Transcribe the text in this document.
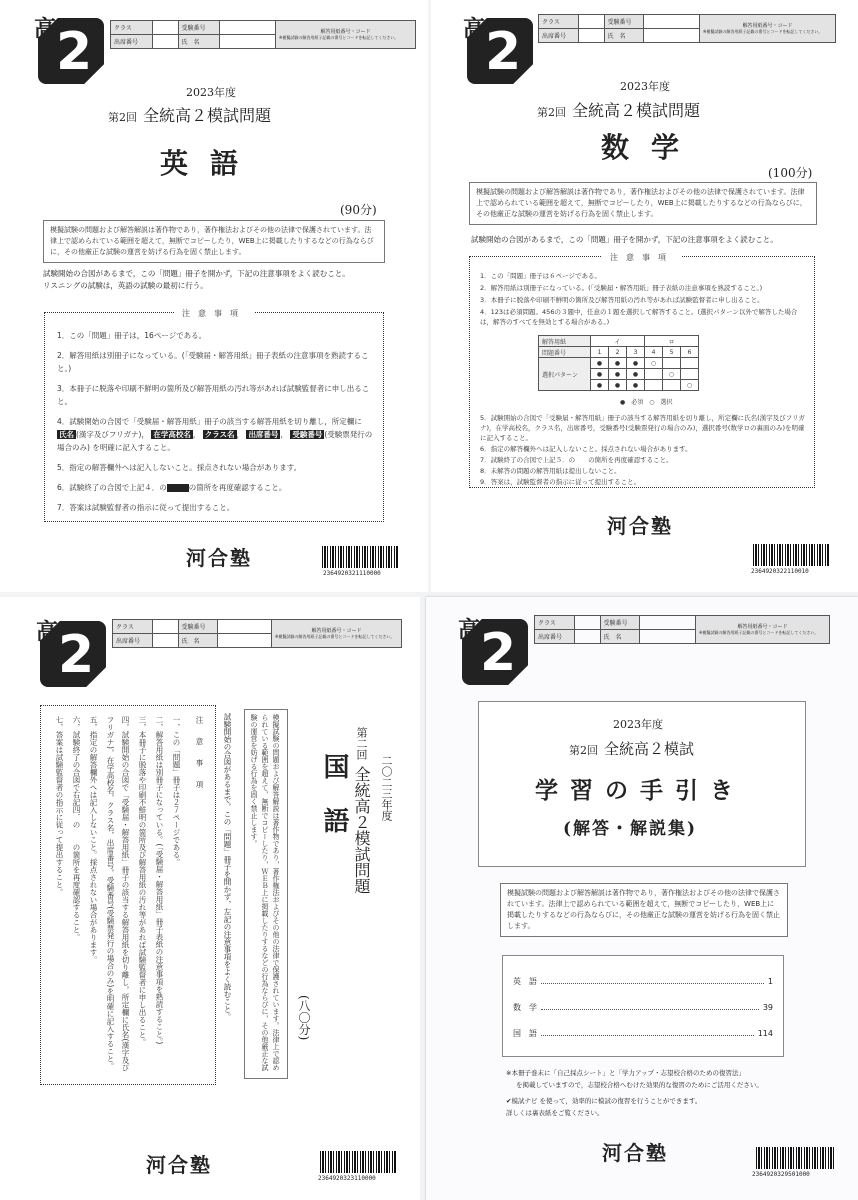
高 2	クラス		受験番号		解答用紙番号・コード
※模擬試験の解答用紙子記載の番号とコードを転記してください。

出席番号		氏　名		
2023年度
第2回 全統高２模試問題
英語
(90分)
模擬試験の問題および解答解説は著作物であり，著作権法およびその他の法律で保護されています。法律上で認められている範囲を超えて，無断でコピーしたり，WEB上に掲載したりするなどの行為ならびに，その他厳正な試験の運営を妨げる行為を固く禁止します。
試験開始の合図があるまで，この「問題」冊子を開かず，下記の注意事項をよく読むこと。
リスニングの試験は，英語の試験の最初に行う。
注意事項
1．この「問題」冊子は，16ページである。
2．解答用紙は別冊子になっている。(「受験届・解答用紙」冊子表紙の注意事項を熟読すること。)
3．本冊子に脱落や印刷不鮮明の箇所及び解答用紙の汚れ等があれば試験監督者に申し出ること。
4．試験開始の合図で「受験届・解答用紙」冊子の該当する解答用紙を切り離し，所定欄に 氏名 (漢字及びフリガナ)， 在学高校名 ， クラス名 ， 出席番号 ， 受験番号 (受験票発行の場合のみ) を明確に記入すること。
5．指定の解答欄外へは記入しないこと。採点されない場合があります。
6．試験終了の合図で上記４．の	の箇所を再度確認すること。
7．答案は試験監督者の指示に従って提出すること。
河合塾
2364920321110000
高 2	クラス		受験番号		解答用紙番号・コード
※模擬試験の解答用紙子記載の番号とコードを転記してください。

出席番号		氏　名		
2023年度
第2回 全統高２模試問題
数学
(100分)
模擬試験の問題および解答解説は著作物であり，著作権法およびその他の法律で保護されています。法律上で認められている範囲を超えて，無断でコピーしたり，WEB上に掲載したりするなどの行為ならびに，その他厳正な試験の運営を妨げる行為を固く禁止します。
試験開始の合図があるまで，この「問題」冊子を開かず，下記の注意事項をよく読むこと。
注意事項
1．この「問題」冊子は６ページである。
2．解答用紙は別冊子になっている。(「受験届・解答用紙」冊子表紙の注意事項を熟読すること。)
3．本冊子に脱落や印刷不鮮明の箇所及び解答用紙の汚れ等があれば試験監督者に申し出ること。
4．123は必須問題。456の３題中，任意の１題を選択して解答すること。(選択パターン以外で解答した場合は，解答のすべてを無効とする場合がある。)
解答用紙	イ			ロ		
問題番号	1	2	3	4	5	6
選択パターン	●	●	●	○		
	●	●	●		○	
	●	●	●			○
●　必須　 ○　選択
5．試験開始の合図で「受験届・解答用紙」冊子の該当する解答用紙を切り離し，所定欄に氏名(漢字及びフリガナ)，在学高校名，クラス名，出席番号，受験番号(受験票発行の場合のみ)，選択番号(数学ロの裏面のみ)を明確に記入すること。
6．指定の解答欄外へは記入しないこと。採点されない場合があります。
7．試験終了の合図で上記５．の　　の箇所を再度確認すること。
8．未解答の問題の解答用紙は提出しないこと。
9．答案は，試験監督者の指示に従って提出すること。
河合塾
2364920322110010
高 2	クラス		受験番号		解答用紙番号・コード
※模擬試験の解答用紙子記載の番号とコードを転記してください。

出席番号		氏　名		
二〇二三年度
第二回全統高２模試問題
国語
(八〇分)
模擬試験の問題および解答解説は著作物であり，著作権法およびその他の法律で保護されています。法律上で認められている範囲を超えて，無断でコピーしたり，ＷＥＢ上に掲載したりするなどの行為ならびに，その他厳正な試験の運営を妨げる行為を固く禁止します。
試験開始の合図があるまで，この「問題」冊子を開かず，左記の注意事項をよく読むこと。
注意事項
一，この「問題」冊子は２７ページである。
二，解答用紙は別冊子になっている。(「受験届・解答用紙」冊子表紙の注意事項を熟読すること。)
三，本冊子に脱落や印刷不鮮明の箇所及び解答用紙の汚れ等があれば試験監督者に申し出ること。
四，試験開始の合図で「受験届・解答用紙」冊子の該当する解答用紙を切り離し，所定欄に氏名(漢字及びフリガナ)，在学高校名，クラス名，出席番号，受験番号(受験票発行の場合のみ)を明確に記入すること。
五，指定の解答欄外へは記入しないこと。採点されない場合があります。
六，試験終了の合図で右記四．の　　の箇所を再度確認すること。
七，答案は試験監督者の指示に従って提出すること。
河合塾
2364920323110000
高 2	クラス		受験番号		解答用紙番号・コード
※模擬試験の解答用紙子記載の番号とコードを転記してください。

出席番号		氏　名		
2023年度
第2回 全統高２模試
学習の手引き
(解答・解説集)
模擬試験の問題および解答解説は著作物であり，著作権法およびその他の法律で保護されています。法律上で認められている範囲を超えて，無断でコピーしたり，WEB上に掲載したりするなどの行為ならびに，その他厳正な試験の運営を妨げる行為を固く禁止します。
英　語	1
数　学	39
国　語	114
※本冊子巻末に「自己採点シート」と「学力アップ・志望校合格のための復習法」
を掲載していますので，志望校合格へむけた効果的な復習のためにご活用ください。
✔模試ナビ を使って，効率的に模試の復習を行うことができます。
詳しくは裏表紙をご覧ください。
河合塾
2364920329501000
